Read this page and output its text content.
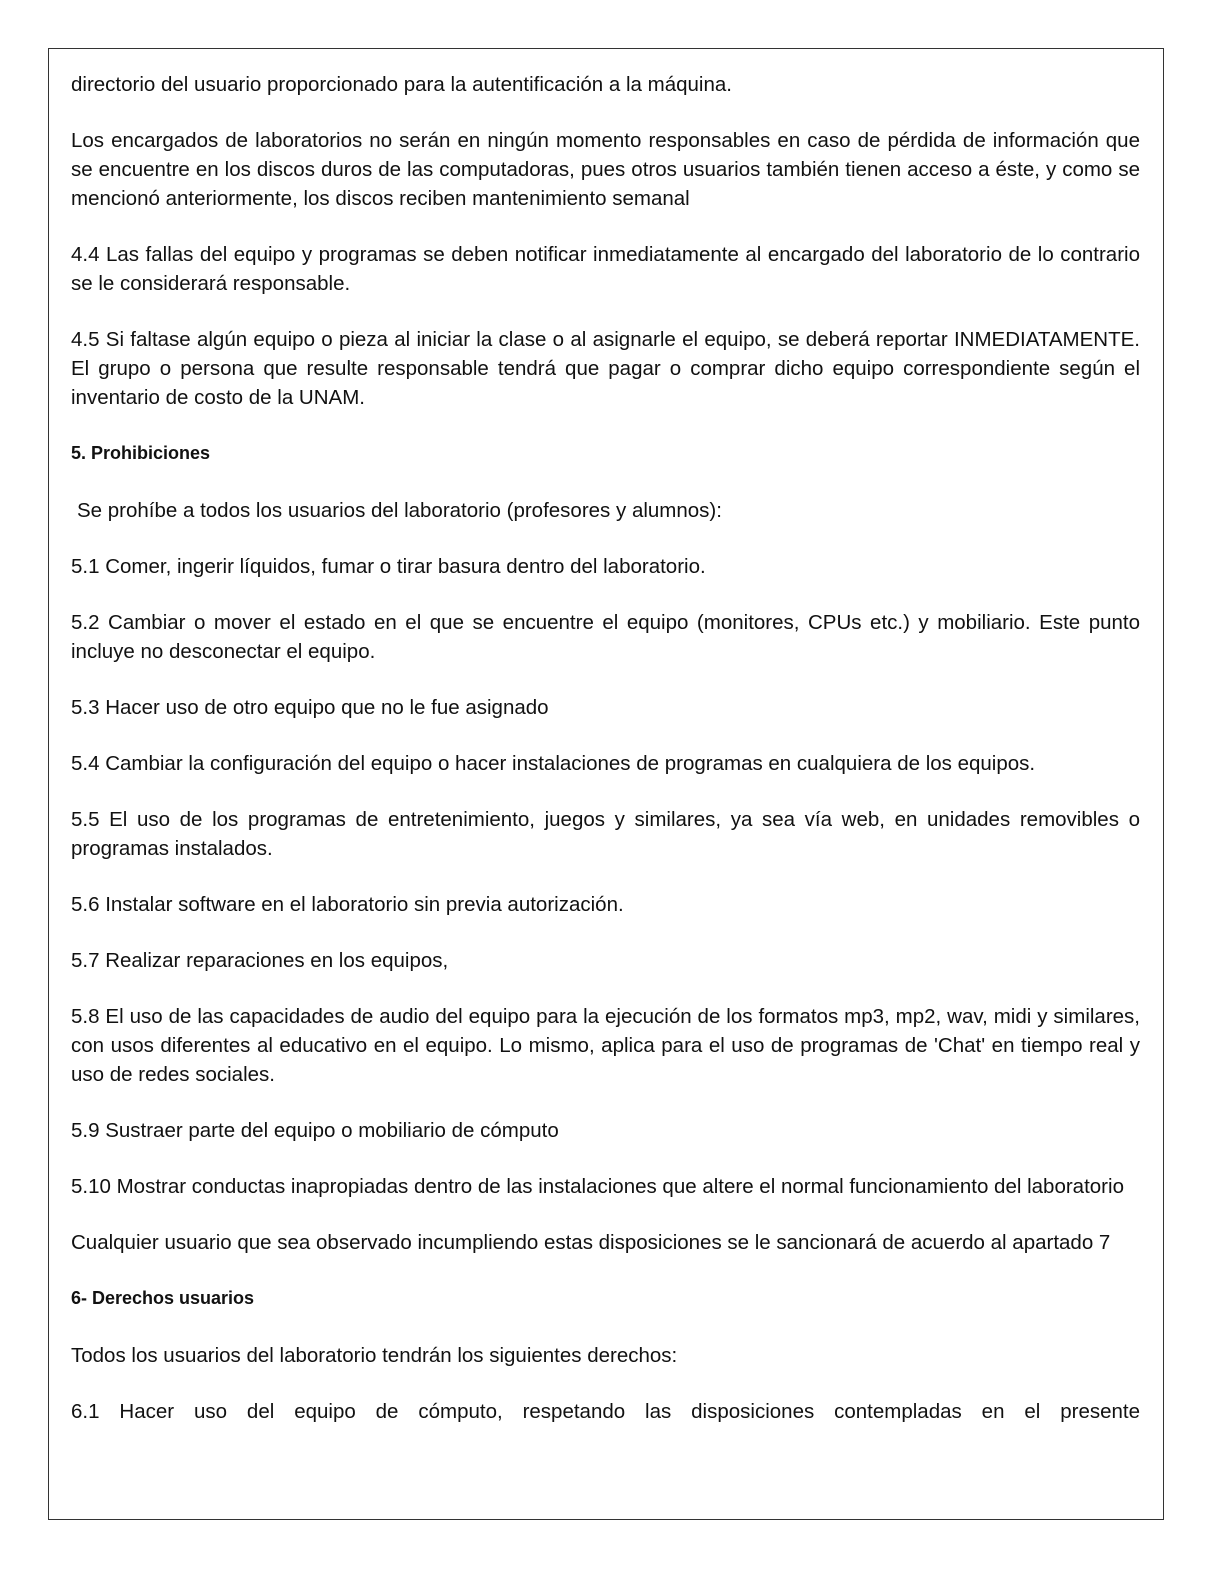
directorio del usuario proporcionado para la autentificación a la máquina.

Los encargados de laboratorios no serán en ningún momento responsables en caso de pérdida de información que se encuentre en los discos duros de las computadoras, pues otros usuarios también tienen acceso a éste, y como se mencionó anteriormente, los discos reciben mantenimiento semanal

4.4 Las fallas del equipo y programas se deben notificar inmediatamente al encargado del laboratorio de lo contrario se le considerará responsable.

4.5 Si faltase algún equipo o pieza al iniciar la clase o al asignarle el equipo, se deberá reportar INMEDIATAMENTE. El grupo o persona que resulte responsable tendrá que pagar o comprar dicho equipo correspondiente según el inventario de costo de la UNAM.

5. Prohibiciones

Se prohíbe a todos los usuarios del laboratorio (profesores y alumnos):

5.1 Comer, ingerir líquidos, fumar o tirar basura dentro del laboratorio.

5.2 Cambiar o mover el estado en el que se encuentre el equipo (monitores, CPUs etc.) y mobiliario. Este punto incluye no desconectar el equipo.

5.3 Hacer uso de otro equipo que no le fue asignado

5.4 Cambiar la configuración del equipo o hacer instalaciones de programas en cualquiera de los equipos.

5.5 El uso de los programas de entretenimiento, juegos y similares, ya sea vía web, en unidades removibles o programas instalados.

5.6 Instalar software en el laboratorio sin previa autorización.

5.7 Realizar reparaciones en los equipos,

5.8 El uso de las capacidades de audio del equipo para la ejecución de los formatos mp3, mp2, wav, midi y similares, con usos diferentes al educativo en el equipo. Lo mismo, aplica para el uso de programas de 'Chat' en tiempo real y uso de redes sociales.

5.9 Sustraer parte del equipo o mobiliario de cómputo

5.10 Mostrar conductas inapropiadas dentro de las instalaciones que altere el normal funcionamiento del laboratorio

Cualquier usuario que sea observado incumpliendo estas disposiciones se le sancionará de acuerdo al apartado 7

6- Derechos usuarios

Todos los usuarios del laboratorio tendrán los siguientes derechos:

6.1 Hacer uso del equipo de cómputo, respetando las disposiciones contempladas en el presente
